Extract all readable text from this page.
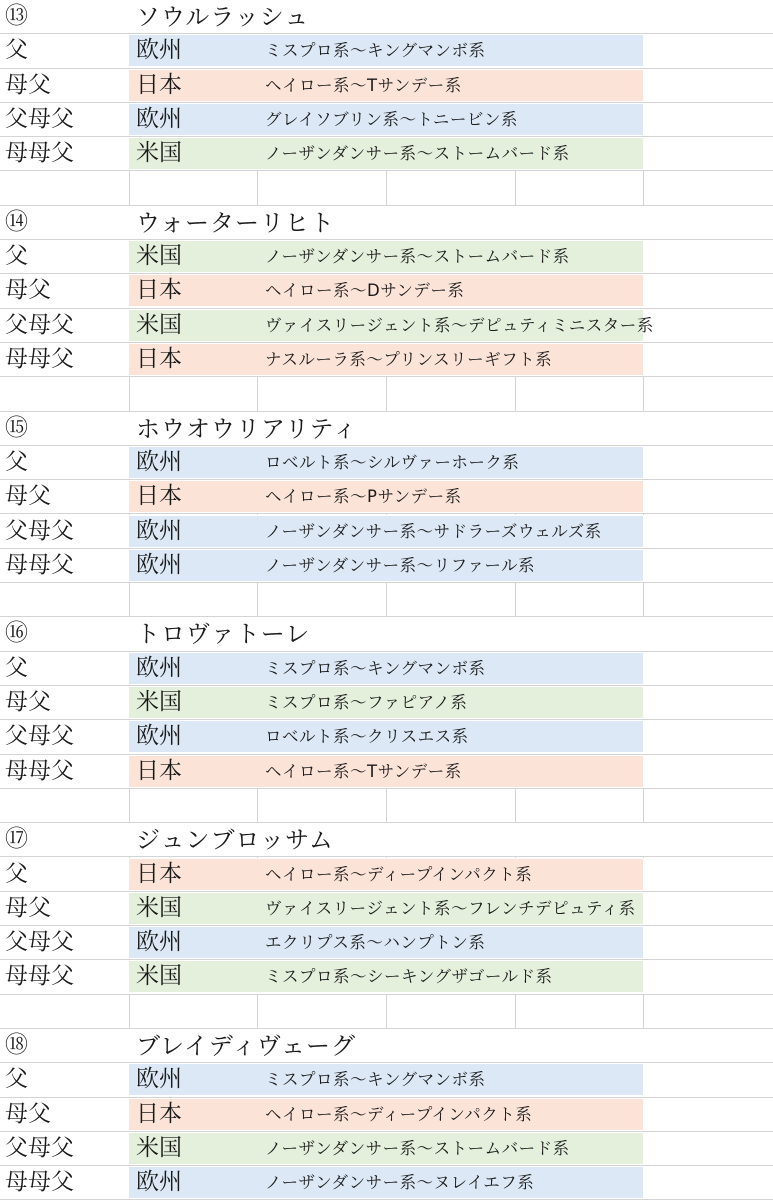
⑬	ソウルラッシュ
父	欧州	ミスプロ系～キングマンボ系
母父	日本	ヘイロー系～Tサンデー系
父母父	欧州	グレイソブリン系～トニービン系
母母父	米国	ノーザンダンサー系～ストームバード系
⑭	ウォーターリヒト
父	米国	ノーザンダンサー系～ストームバード系
母父	日本	ヘイロー系～Dサンデー系
父母父	米国	ヴァイスリージェント系～デピュティミニスター系
母母父	日本	ナスルーラ系～プリンスリーギフト系
⑮	ホウオウリアリティ
父	欧州	ロベルト系～シルヴァーホーク系
母父	日本	ヘイロー系～Pサンデー系
父母父	欧州	ノーザンダンサー系～サドラーズウェルズ系
母母父	欧州	ノーザンダンサー系～リファール系
⑯	トロヴァトーレ
父	欧州	ミスプロ系～キングマンボ系
母父	米国	ミスプロ系～ファピアノ系
父母父	欧州	ロベルト系～クリスエス系
母母父	日本	ヘイロー系～Tサンデー系
⑰	ジュンブロッサム
父	日本	ヘイロー系～ディープインパクト系
母父	米国	ヴァイスリージェント系～フレンチデピュティ系
父母父	欧州	エクリプス系～ハンプトン系
母母父	米国	ミスプロ系～シーキングザゴールド系
⑱	ブレイディヴェーグ
父	欧州	ミスプロ系～キングマンボ系
母父	日本	ヘイロー系～ディープインパクト系
父母父	米国	ノーザンダンサー系～ストームバード系
母母父	欧州	ノーザンダンサー系～ヌレイエフ系
